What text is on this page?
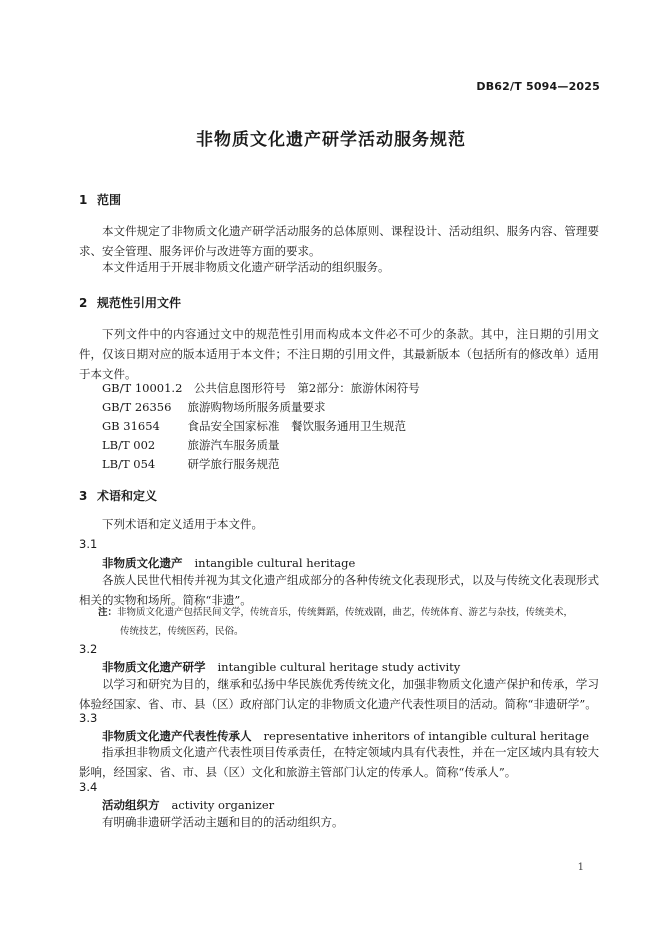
DB62/T 5094—2025
非物质文化遗产研学活动服务规范
1 范围
本文件规定了非物质文化遗产研学活动服务的总体原则、课程设计、活动组织、服务内容、管理要求、安全管理、服务评价与改进等方面的要求。
本文件适用于开展非物质文化遗产研学活动的组织服务。
2 规范性引用文件
下列文件中的内容通过文中的规范性引用而构成本文件必不可少的条款。其中，注日期的引用文件，仅该日期对应的版本适用于本文件；不注日期的引用文件，其最新版本（包括所有的修改单）适用于本文件。
GB/T 10001.2　 公共信息图形符号　第2部分：旅游休闲符号
GB/T 26356　 旅游购物场所服务质量要求
GB 31654　 食品安全国家标准　餐饮服务通用卫生规范
LB/T 002　	旅游汽车服务质量
LB/T 054　	研学旅行服务规范
3 术语和定义
下列术语和定义适用于本文件。
3.1
非物质文化遗产 intangible cultural heritage
各族人民世代相传并视为其文化遗产组成部分的各种传统文化表现形式，以及与传统文化表现形式相关的实物和场所。简称“非遗”。
注：非物质文化遗产包括民间文学，传统音乐，传统舞蹈，传统戏剧，曲艺，传统体育、游艺与杂技，传统美术，
传统技艺，传统医药，民俗。
3.2
非物质文化遗产研学 intangible cultural heritage study activity
以学习和研究为目的，继承和弘扬中华民族优秀传统文化，加强非物质文化遗产保护和传承，学习体验经国家、省、市、县（区）政府部门认定的非物质文化遗产代表性项目的活动。简称“非遗研学”。
3.3
非物质文化遗产代表性传承人 representative inheritors of intangible cultural heritage
指承担非物质文化遗产代表性项目传承责任，在特定领域内具有代表性，并在一定区域内具有较大影响，经国家、省、市、县（区）文化和旅游主管部门认定的传承人。简称“传承人”。
3.4
活动组织方 activity organizer
有明确非遗研学活动主题和目的的活动组织方。
1
